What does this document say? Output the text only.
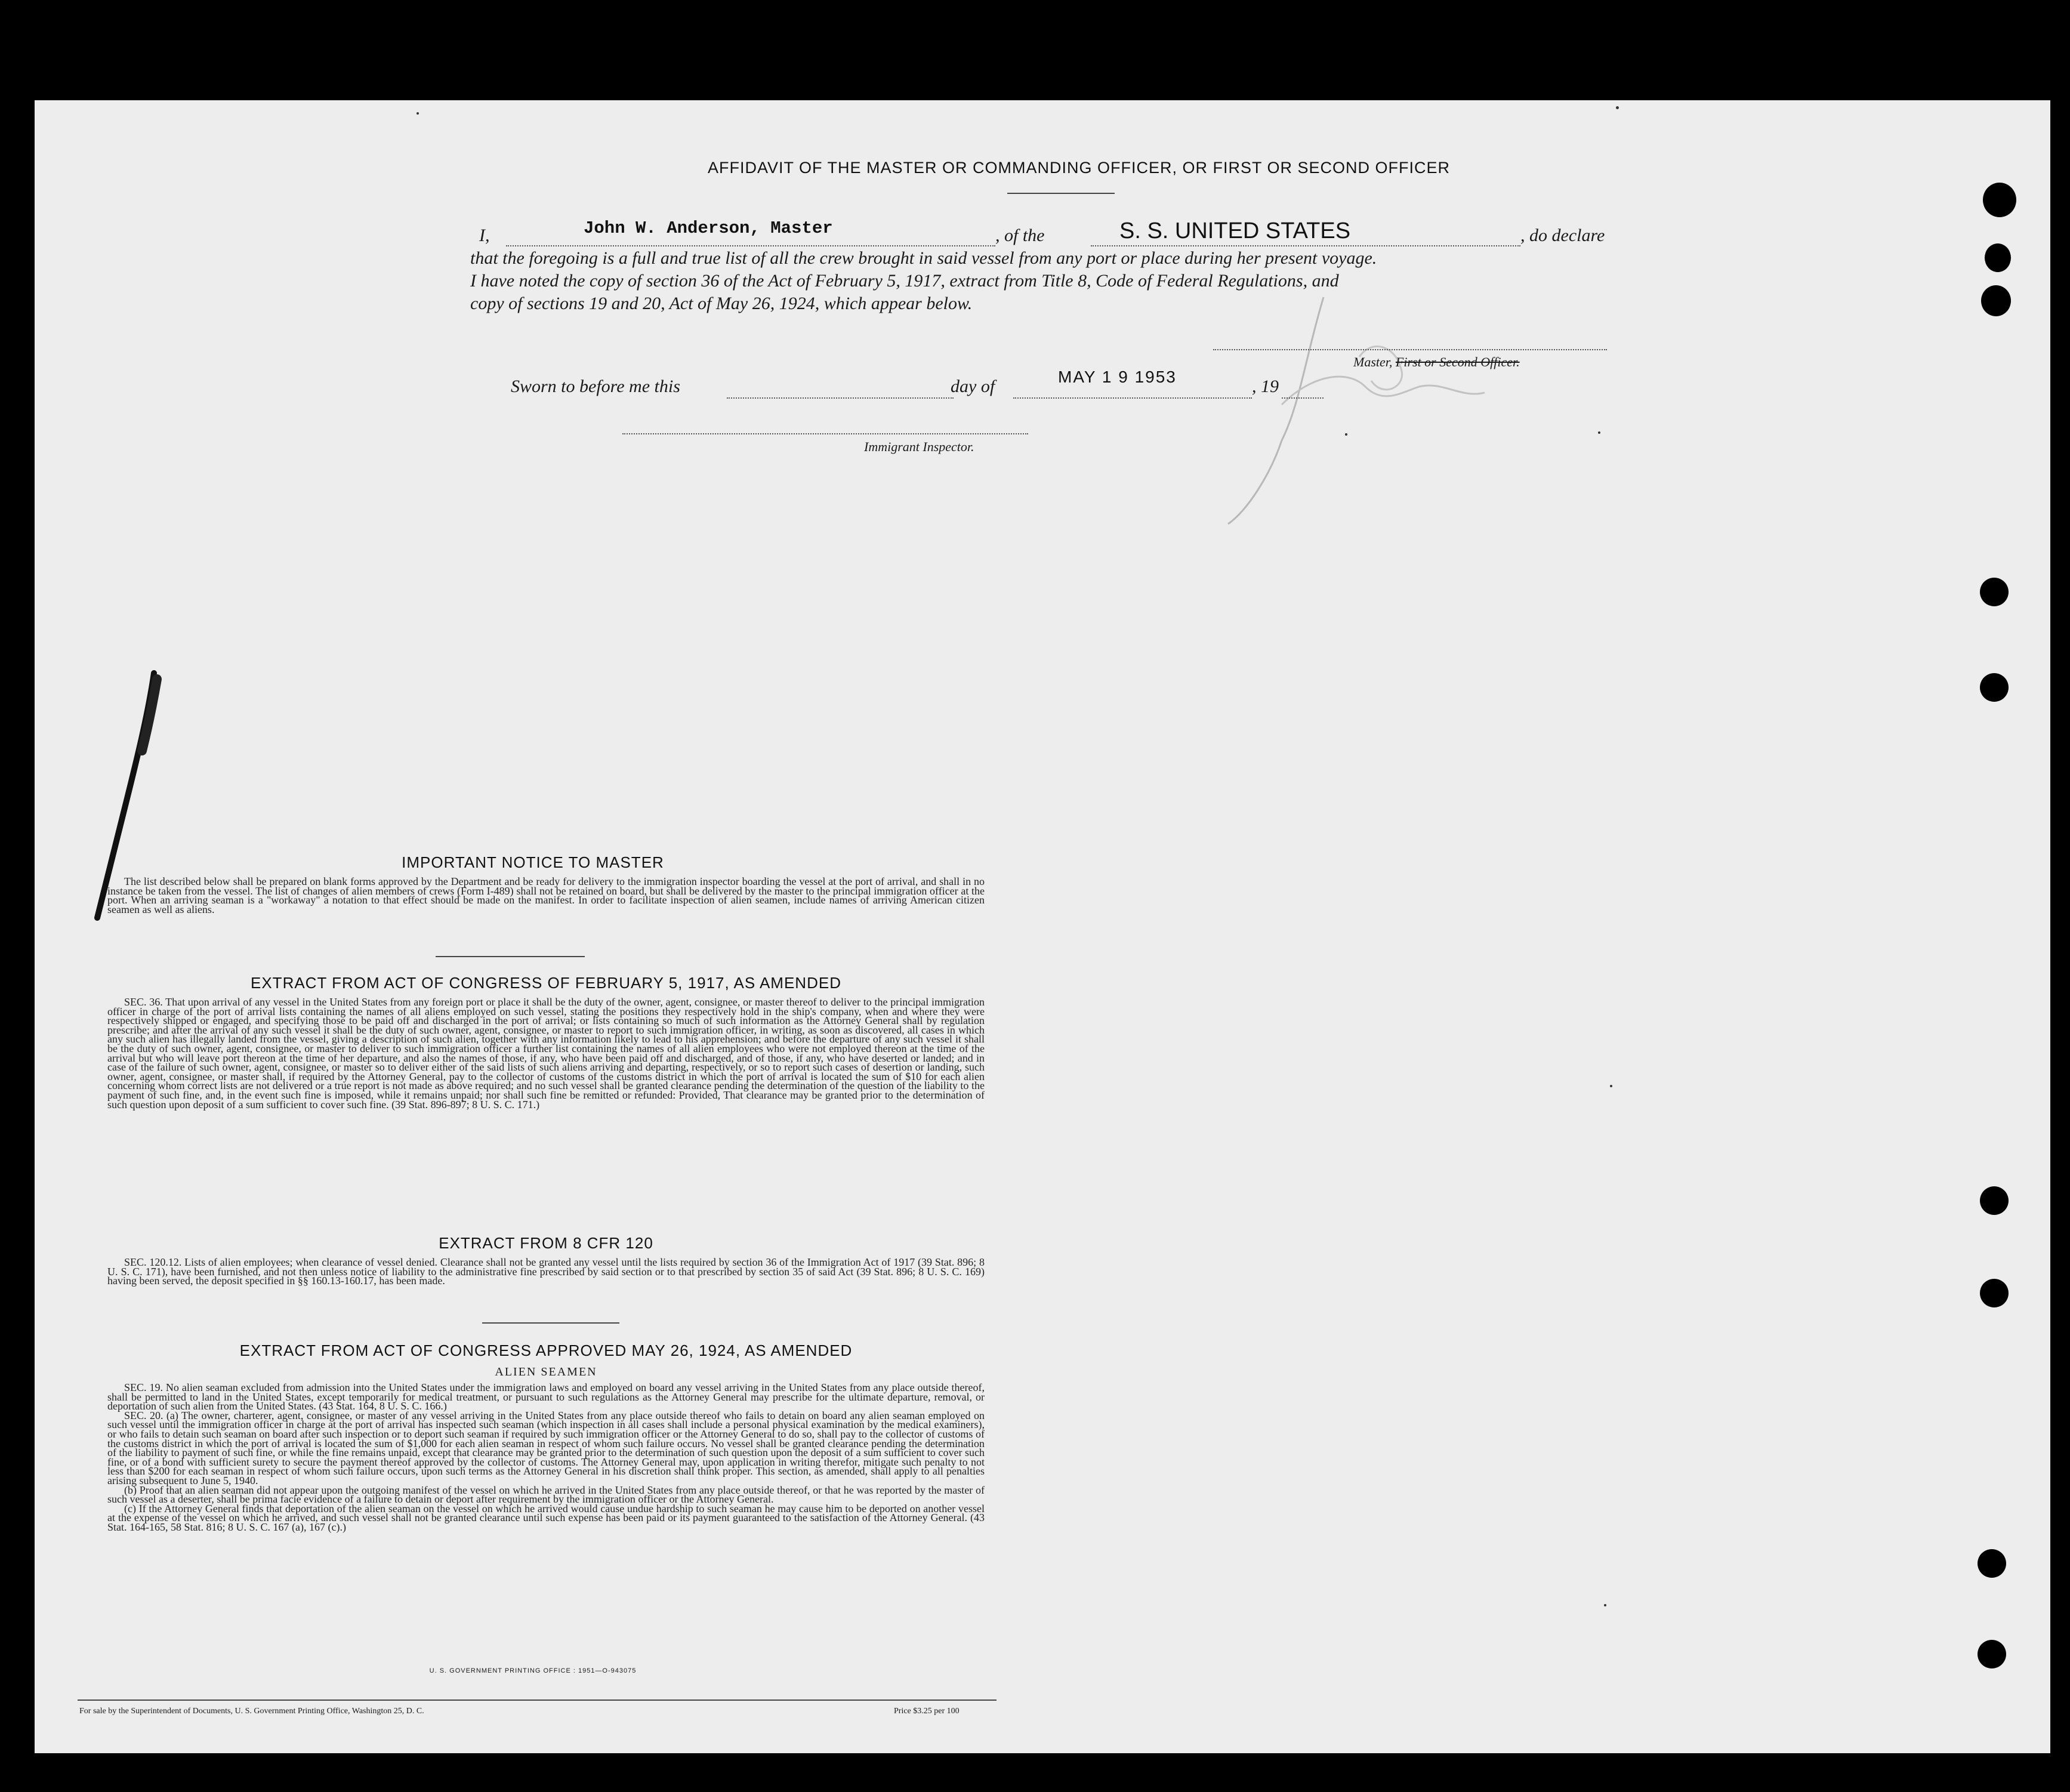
AFFIDAVIT OF THE MASTER OR COMMANDING OFFICER, OR FIRST OR SECOND OFFICER
I,	John W. Anderson, Master	, of the	S. S. UNITED STATES	, do declare
that the foregoing is a full and true list of all the crew brought in said vessel from any port or place during her present voyage.
I have noted the copy of section 36 of the Act of February 5, 1917, extract from Title 8, Code of Federal Regulations, and
copy of sections 19 and 20, Act of May 26, 1924, which appear below.
Master, First or Second Officer.
Sworn to before me this	day of	MAY 1 9 1953	, 19
Immigrant Inspector.
IMPORTANT NOTICE TO MASTER

The list described below shall be prepared on blank forms approved by the Department and be ready for delivery to the immigration inspector boarding the vessel at the port of arrival, and shall in no instance be taken from the vessel. The list of changes of alien members of crews (Form I-489) shall not be retained on board, but shall be delivered by the master to the principal immigration officer at the port. When an arriving seaman is a "workaway" a notation to that effect should be made on the manifest. In order to facilitate inspection of alien seamen, include names of arriving American citizen seamen as well as aliens.

EXTRACT FROM ACT OF CONGRESS OF FEBRUARY 5, 1917, AS AMENDED

SEC. 36. That upon arrival of any vessel in the United States from any foreign port or place it shall be the duty of the owner, agent, consignee, or master thereof to deliver to the principal immigration officer in charge of the port of arrival lists containing the names of all aliens employed on such vessel, stating the positions they respectively hold in the ship's company, when and where they were respectively shipped or engaged, and specifying those to be paid off and discharged in the port of arrival; or lists containing so much of such information as the Attorney General shall by regulation prescribe; and after the arrival of any such vessel it shall be the duty of such owner, agent, consignee, or master to report to such immigration officer, in writing, as soon as discovered, all cases in which any such alien has illegally landed from the vessel, giving a description of such alien, together with any information likely to lead to his apprehension; and before the departure of any such vessel it shall be the duty of such owner, agent, consignee, or master to deliver to such immigration officer a further list containing the names of all alien employees who were not employed thereon at the time of the arrival but who will leave port thereon at the time of her departure, and also the names of those, if any, who have been paid off and discharged, and of those, if any, who have deserted or landed; and in case of the failure of such owner, agent, consignee, or master so to deliver either of the said lists of such aliens arriving and departing, respectively, or so to report such cases of desertion or landing, such owner, agent, consignee, or master shall, if required by the Attorney General, pay to the collector of customs of the customs district in which the port of arrival is located the sum of $10 for each alien concerning whom correct lists are not delivered or a true report is not made as above required; and no such vessel shall be granted clearance pending the determination of the question of the liability to the payment of such fine, and, in the event such fine is imposed, while it remains unpaid; nor shall such fine be remitted or refunded: Provided, That clearance may be granted prior to the determination of such question upon deposit of a sum sufficient to cover such fine. (39 Stat. 896-897; 8 U. S. C. 171.)

EXTRACT FROM 8 CFR 120

SEC. 120.12. Lists of alien employees; when clearance of vessel denied. Clearance shall not be granted any vessel until the lists required by section 36 of the Immigration Act of 1917 (39 Stat. 896; 8 U. S. C. 171), have been furnished, and not then unless notice of liability to the administrative fine prescribed by said section or to that prescribed by section 35 of said Act (39 Stat. 896; 8 U. S. C. 169) having been served, the deposit specified in §§ 160.13-160.17, has been made.

EXTRACT FROM ACT OF CONGRESS APPROVED MAY 26, 1924, AS AMENDED
ALIEN SEAMEN

SEC. 19. No alien seaman excluded from admission into the United States under the immigration laws and employed on board any vessel arriving in the United States from any place outside thereof, shall be permitted to land in the United States, except temporarily for medical treatment, or pursuant to such regulations as the Attorney General may prescribe for the ultimate departure, removal, or deportation of such alien from the United States. (43 Stat. 164, 8 U. S. C. 166.)

SEC. 20. (a) The owner, charterer, agent, consignee, or master of any vessel arriving in the United States from any place outside thereof who fails to detain on board any alien seaman employed on such vessel until the immigration officer in charge at the port of arrival has inspected such seaman (which inspection in all cases shall include a personal physical examination by the medical examiners), or who fails to detain such seaman on board after such inspection or to deport such seaman if required by such immigration officer or the Attorney General to do so, shall pay to the collector of customs of the customs district in which the port of arrival is located the sum of $1,000 for each alien seaman in respect of whom such failure occurs. No vessel shall be granted clearance pending the determination of the liability to payment of such fine, or while the fine remains unpaid, except that clearance may be granted prior to the determination of such question upon the deposit of a sum sufficient to cover such fine, or of a bond with sufficient surety to secure the payment thereof approved by the collector of customs. The Attorney General may, upon application in writing therefor, mitigate such penalty to not less than $200 for each seaman in respect of whom such failure occurs, upon such terms as the Attorney General in his discretion shall think proper. This section, as amended, shall apply to all penalties arising subsequent to June 5, 1940.

(b) Proof that an alien seaman did not appear upon the outgoing manifest of the vessel on which he arrived in the United States from any place outside thereof, or that he was reported by the master of such vessel as a deserter, shall be prima facie evidence of a failure to detain or deport after requirement by the immigration officer or the Attorney General.

(c) If the Attorney General finds that deportation of the alien seaman on the vessel on which he arrived would cause undue hardship to such seaman he may cause him to be deported on another vessel at the expense of the vessel on which he arrived, and such vessel shall not be granted clearance until such expense has been paid or its payment guaranteed to the satisfaction of the Attorney General. (43 Stat. 164-165, 58 Stat. 816; 8 U. S. C. 167 (a), 167 (c).)

U. S. GOVERNMENT PRINTING OFFICE : 1951—O-943075
For sale by the Superintendent of Documents, U. S. Government Printing Office, Washington 25, D. C.	Price $3.25 per 100
